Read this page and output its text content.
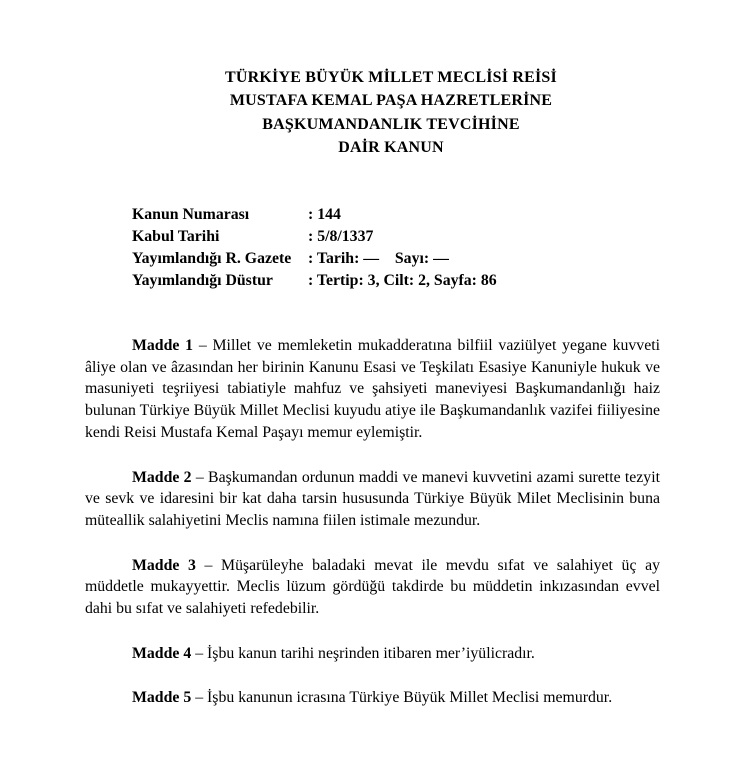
TÜRKİYE BÜYÜK MİLLET MECLİSİ REİSİ
MUSTAFA KEMAL PAŞA HAZRETLERİNE
BAŞKUMANDANLIK TEVCİHİNE
DAİR KANUN
Kanun Numarası	: 144
Kabul Tarihi	: 5/8/1337
Yayımlandığı R. Gazete	: Tarih: —    Sayı: —
Yayımlandığı Düstur	: Tertip: 3, Cilt: 2, Sayfa: 86

Madde 1 – Millet ve memleketin mukadderatına bilfiil vaziülyet yegane kuvveti âliye olan ve âzasından her birinin Kanunu Esasi ve Teşkilatı Esasiye Kanuniyle hukuk ve masuniyeti teşriiyesi tabiatiyle mahfuz ve şahsiyeti maneviyesi Başkumandanlığı haiz bulunan Türkiye Büyük Millet Meclisi kuyudu atiye ile Başkumandanlık vazifei fiiliyesine kendi Reisi Mustafa Kemal Paşayı memur eylemiştir.

Madde 2 – Başkumandan ordunun maddi ve manevi kuvvetini azami surette tezyit ve sevk ve idaresini bir kat daha tarsin hususunda Türkiye Büyük Milet Meclisinin buna müteallik salahiyetini Meclis namına fiilen istimale mezundur.

Madde 3 – Müşarüleyhe baladaki mevat ile mevdu sıfat ve salahiyet üç ay müddetle mukayyettir. Meclis lüzum gördüğü takdirde bu müddetin inkızasından evvel dahi bu sıfat ve salahiyeti refedebilir.

Madde 4 – İşbu kanun tarihi neşrinden itibaren mer’iyülicradır.

Madde 5 – İşbu kanunun icrasına Türkiye Büyük Millet Meclisi memurdur.
